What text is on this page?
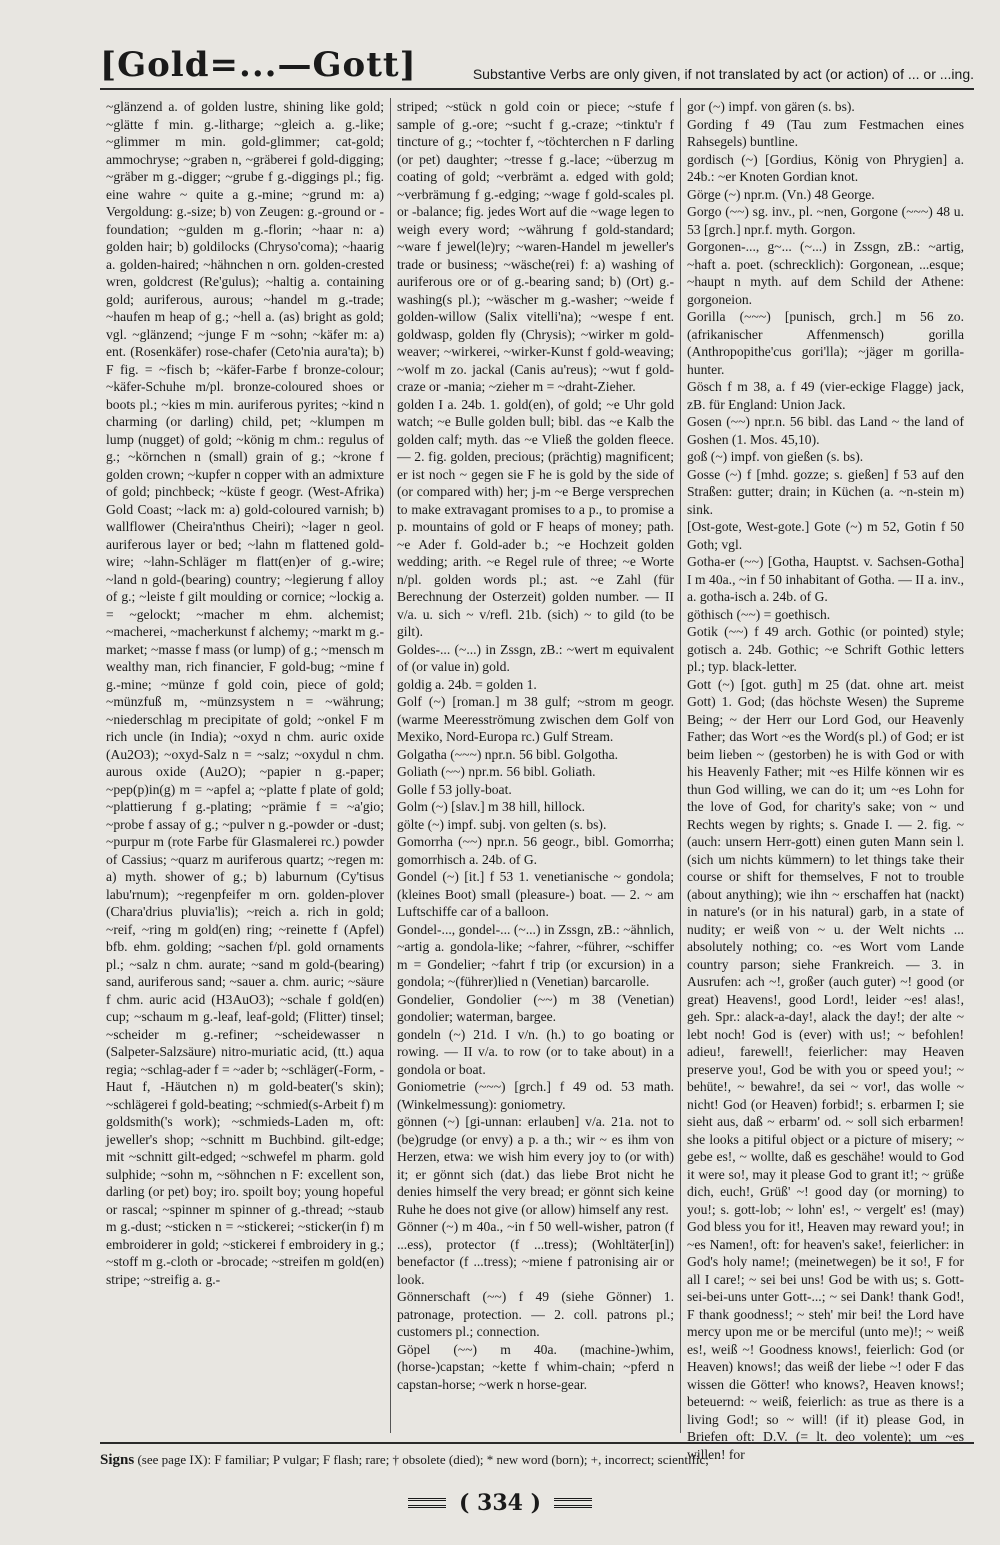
[Gold=...—Gott]	Substantive Verbs are only given, if not translated by act (or action) of ... or ...ing.

~glänzend a. of golden lustre, shining like gold; ~glätte f min. g.-litharge; ~gleich a. g.-like; ~glimmer m min. gold-glimmer; cat-gold; ammochryse; ~graben n, ~gräberei f gold-digging; ~gräber m g.-digger; ~grube f g.-diggings pl.; fig. eine wahre ~ quite a g.-mine; ~grund m: a) Vergoldung: g.-size; b) von Zeugen: g.-ground or -foundation; ~gulden m g.-florin; ~haar n: a) golden hair; b) goldilocks (Chryso'coma); ~haarig a. golden-haired; ~hähnchen n orn. golden-crested wren, goldcrest (Re'gulus); ~haltig a. containing gold; auriferous, aurous; ~handel m g.-trade; ~haufen m heap of g.; ~hell a. (as) bright as gold; vgl. ~glänzend; ~junge F m ~sohn; ~käfer m: a) ent. (Rosenkäfer) rose-chafer (Ceto'nia aura'ta); b) F fig. = ~fisch b; ~käfer-Farbe f bronze-colour; ~käfer-Schuhe m/pl. bronze-coloured shoes or boots pl.; ~kies m min. auriferous pyrites; ~kind n charming (or darling) child, pet; ~klumpen m lump (nugget) of gold; ~könig m chm.: regulus of g.; ~körnchen n (small) grain of g.; ~krone f golden crown; ~kupfer n copper with an admixture of gold; pinchbeck; ~küste f geogr. (West-Afrika) Gold Coast; ~lack m: a) gold-coloured varnish; b) wallflower (Cheira'nthus Cheiri); ~lager n geol. auriferous layer or bed; ~lahn m flattened gold-wire; ~lahn-Schläger m flatt(en)er of g.-wire; ~land n gold-(bearing) country; ~legierung f alloy of g.; ~leiste f gilt moulding or cornice; ~lockig a. = ~gelockt; ~macher m ehm. alchemist; ~macherei, ~macherkunst f alchemy; ~markt m g.-market; ~masse f mass (or lump) of g.; ~mensch m wealthy man, rich financier, F gold-bug; ~mine f g.-mine; ~münze f gold coin, piece of gold; ~münzfuß m, ~münzsystem n = ~währung; ~niederschlag m precipitate of gold; ~onkel F m rich uncle (in India); ~oxyd n chm. auric oxide (Au2O3); ~oxyd-Salz n = ~salz; ~oxydul n chm. aurous oxide (Au2O); ~papier n g.-paper; ~pep(p)in(g) m = ~apfel a; ~platte f plate of gold; ~plattierung f g.-plating; ~prämie f = ~a'gio; ~probe f assay of g.; ~pulver n g.-powder or -dust; ~purpur m (rote Farbe für Glasmalerei rc.) powder of Cassius; ~quarz m auriferous quartz; ~regen m: a) myth. shower of g.; b) laburnum (Cy'tisus labu'rnum); ~regenpfeifer m orn. golden-plover (Chara'drius pluvia'lis); ~reich a. rich in gold; ~reif, ~ring m gold(en) ring; ~reinette f (Apfel) bfb. ehm. golding; ~sachen f/pl. gold ornaments pl.; ~salz n chm. aurate; ~sand m gold-(bearing) sand, auriferous sand; ~sauer a. chm. auric; ~säure f chm. auric acid (H3AuO3); ~schale f gold(en) cup; ~schaum m g.-leaf, leaf-gold; (Flitter) tinsel; ~scheider m g.-refiner; ~scheidewasser n (Salpeter-Salzsäure) nitro-muriatic acid, (tt.) aqua regia; ~schlag-ader f = ~ader b; ~schläger(-Form, -Haut f, -Häutchen n) m gold-beater('s skin); ~schlägerei f gold-beating; ~schmied(s-Arbeit f) m goldsmith('s work); ~schmieds-Laden m, oft: jeweller's shop; ~schnitt m Buchbind. gilt-edge; mit ~schnitt gilt-edged; ~schwefel m pharm. gold sulphide; ~sohn m, ~söhnchen n F: excellent son, darling (or pet) boy; iro. spoilt boy; young hopeful or rascal; ~spinner m spinner of g.-thread; ~staub m g.-dust; ~sticken n = ~stickerei; ~sticker(in f) m embroiderer in gold; ~stickerei f embroidery in g.; ~stoff m g.-cloth or -brocade; ~streifen m gold(en) stripe; ~streifig a. g.-

striped; ~stück n gold coin or piece; ~stufe f sample of g.-ore; ~sucht f g.-craze; ~tinktu'r f tincture of g.; ~tochter f, ~töchterchen n F darling (or pet) daughter; ~tresse f g.-lace; ~überzug m coating of gold; ~verbrämt a. edged with gold; ~verbrämung f g.-edging; ~wage f gold-scales pl. or -balance; fig. jedes Wort auf die ~wage legen to weigh every word; ~währung f gold-standard; ~ware f jewel(le)ry; ~waren-Handel m jeweller's trade or business; ~wäsche(rei) f: a) washing of auriferous ore or of g.-bearing sand; b) (Ort) g.-washing(s pl.); ~wäscher m g.-washer; ~weide f golden-willow (Salix vitelli'na); ~wespe f ent. goldwasp, golden fly (Chrysis); ~wirker m gold-weaver; ~wirkerei, ~wirker-Kunst f gold-weaving; ~wolf m zo. jackal (Canis au'reus); ~wut f gold-craze or -mania; ~zieher m = ~draht-Zieher.

golden I a. 24b. 1. gold(en), of gold; ~e Uhr gold watch; ~e Bulle golden bull; bibl. das ~e Kalb the golden calf; myth. das ~e Vließ the golden fleece. — 2. fig. golden, precious; (prächtig) magnificent; er ist noch ~ gegen sie F he is gold by the side of (or compared with) her; j-m ~e Berge versprechen to make extravagant promises to a p., to promise a p. mountains of gold or F heaps of money; path. ~e Ader f. Gold-ader b.; ~e Hochzeit golden wedding; arith. ~e Regel rule of three; ~e Worte n/pl. golden words pl.; ast. ~e Zahl (für Berechnung der Osterzeit) golden number. — II v/a. u. sich ~ v/refl. 21b. (sich) ~ to gild (to be gilt).

Goldes-... (~...) in Zssgn, zB.: ~wert m equivalent of (or value in) gold.

goldig a. 24b. = golden 1.

Golf (~) [roman.] m 38 gulf; ~strom m geogr. (warme Meeresströmung zwischen dem Golf von Mexiko, Nord-Europa rc.) Gulf Stream.

Golgatha (~~~) npr.n. 56 bibl. Golgotha.

Goliath (~~) npr.m. 56 bibl. Goliath.

Golle f 53 jolly-boat.

Golm (~) [slav.] m 38 hill, hillock.

gölte (~) impf. subj. von gelten (s. bs).

Gomorrha (~~) npr.n. 56 geogr., bibl. Gomorrha; gomorrhisch a. 24b. of G.

Gondel (~) [it.] f 53 1. venetianische ~ gondola; (kleines Boot) small (pleasure-) boat. — 2. ~ am Luftschiffe car of a balloon.

Gondel-..., gondel-... (~...) in Zssgn, zB.: ~ähnlich, ~artig a. gondola-like; ~fahrer, ~führer, ~schiffer m = Gondelier; ~fahrt f trip (or excursion) in a gondola; ~(führer)lied n (Venetian) barcarolle.

Gondelier, Gondolier (~~) m 38 (Venetian) gondolier; waterman, bargee.

gondeln (~) 21d. I v/n. (h.) to go boating or rowing. — II v/a. to row (or to take about) in a gondola or boat.

Goniometrie (~~~) [grch.] f 49 od. 53 math. (Winkelmessung): goniometry.

gönnen (~) [gi-unnan: erlauben] v/a. 21a. not to (be)grudge (or envy) a p. a th.; wir ~ es ihm von Herzen, etwa: we wish him every joy to (or with) it; er gönnt sich (dat.) das liebe Brot nicht he denies himself the very bread; er gönnt sich keine Ruhe he does not give (or allow) himself any rest.

Gönner (~) m 40a., ~in f 50 well-wisher, patron (f ...ess), protector (f ...tress); (Wohltäter[in]) benefactor (f ...tress); ~miene f patronising air or look.

Gönnerschaft (~~) f 49 (siehe Gönner) 1. patronage, protection. — 2. coll. patrons pl.; customers pl.; connection.

Göpel (~~) m 40a. (machine-)whim, (horse-)capstan; ~kette f whim-chain; ~pferd n capstan-horse; ~werk n horse-gear.

gor (~) impf. von gären (s. bs).

Gording f 49 (Tau zum Festmachen eines Rahsegels) buntline.

gordisch (~) [Gordius, König von Phrygien] a. 24b.: ~er Knoten Gordian knot.

Görge (~) npr.m. (Vn.) 48 George.

Gorgo (~~) sg. inv., pl. ~nen, Gorgone (~~~) 48 u. 53 [grch.] npr.f. myth. Gorgon.

Gorgonen-..., g~... (~...) in Zssgn, zB.: ~artig, ~haft a. poet. (schrecklich): Gorgonean, ...esque; ~haupt n myth. auf dem Schild der Athene: gorgoneion.

Gorilla (~~~) [punisch, grch.] m 56 zo. (afrikanischer Affenmensch) gorilla (Anthropopithe'cus gori'lla); ~jäger m gorilla-hunter.

Gösch f m 38, a. f 49 (vier-eckige Flagge) jack, zB. für England: Union Jack.

Gosen (~~) npr.n. 56 bibl. das Land ~ the land of Goshen (1. Mos. 45,10).

goß (~) impf. von gießen (s. bs).

Gosse (~) f [mhd. gozze; s. gießen] f 53 auf den Straßen: gutter; drain; in Küchen (a. ~n-stein m) sink.

[Ost-gote, West-gote.] Gote (~) m 52, Gotin f 50 Goth; vgl.

Gotha-er (~~) [Gotha, Hauptst. v. Sachsen-Gotha] I m 40a., ~in f 50 inhabitant of Gotha. — II a. inv., a. gotha-isch a. 24b. of G.

göthisch (~~) = goethisch.

Gotik (~~) f 49 arch. Gothic (or pointed) style; gotisch a. 24b. Gothic; ~e Schrift Gothic letters pl.; typ. black-letter.

Gott (~) [got. guth] m 25 (dat. ohne art. meist Gott) 1. God; (das höchste Wesen) the Supreme Being; ~ der Herr our Lord God, our Heavenly Father; das Wort ~es the Word(s pl.) of God; er ist beim lieben ~ (gestorben) he is with God or with his Heavenly Father; mit ~es Hilfe können wir es thun God willing, we can do it; um ~es Lohn for the love of God, for charity's sake; von ~ und Rechts wegen by rights; s. Gnade I. — 2. fig. ~ (auch: unsern Herr-gott) einen guten Mann sein l. (sich um nichts kümmern) to let things take their course or shift for themselves, F not to trouble (about anything); wie ihn ~ erschaffen hat (nackt) in nature's (or in his natural) garb, in a state of nudity; er weiß von ~ u. der Welt nichts ... absolutely nothing; co. ~es Wort vom Lande country parson; siehe Frankreich. — 3. in Ausrufen: ach ~!, großer (auch guter) ~! good (or great) Heavens!, good Lord!, leider ~es! alas!, geh. Spr.: alack-a-day!, alack the day!; der alte ~ lebt noch! God is (ever) with us!; ~ befohlen! adieu!, farewell!, feierlicher: may Heaven preserve you!, God be with you or speed you!; ~ behüte!, ~ bewahre!, da sei ~ vor!, das wolle ~ nicht! God (or Heaven) forbid!; s. erbarmen I; sie sieht aus, daß ~ erbarm' od. ~ soll sich erbarmen! she looks a pitiful object or a picture of misery; ~ gebe es!, ~ wollte, daß es geschähe! would to God it were so!, may it please God to grant it!; ~ grüße dich, euch!, Grüß' ~! good day (or morning) to you!; s. gott-lob; ~ lohn' es!, ~ vergelt' es! (may) God bless you for it!, Heaven may reward you!; in ~es Namen!, oft: for heaven's sake!, feierlicher: in God's holy name!; (meinetwegen) be it so!, F for all I care!; ~ sei bei uns! God be with us; s. Gott-sei-bei-uns unter Gott-...; ~ sei Dank! thank God!, F thank goodness!; ~ steh' mir bei! the Lord have mercy upon me or be merciful (unto me)!; ~ weiß es!, weiß ~! Goodness knows!, feierlich: God (or Heaven) knows!; das weiß der liebe ~! oder F das wissen die Götter! who knows?, Heaven knows!; beteuernd: ~ weiß, feierlich: as true as there is a living God!; so ~ will! (if it) please God, in Briefen oft: D.V. (= lt. deo volente); um ~es willen! for

Signs (see page IX): F familiar; P vulgar; F flash; rare; † obsolete (died); * new word (born); +, incorrect; scientific;
( 334 )
